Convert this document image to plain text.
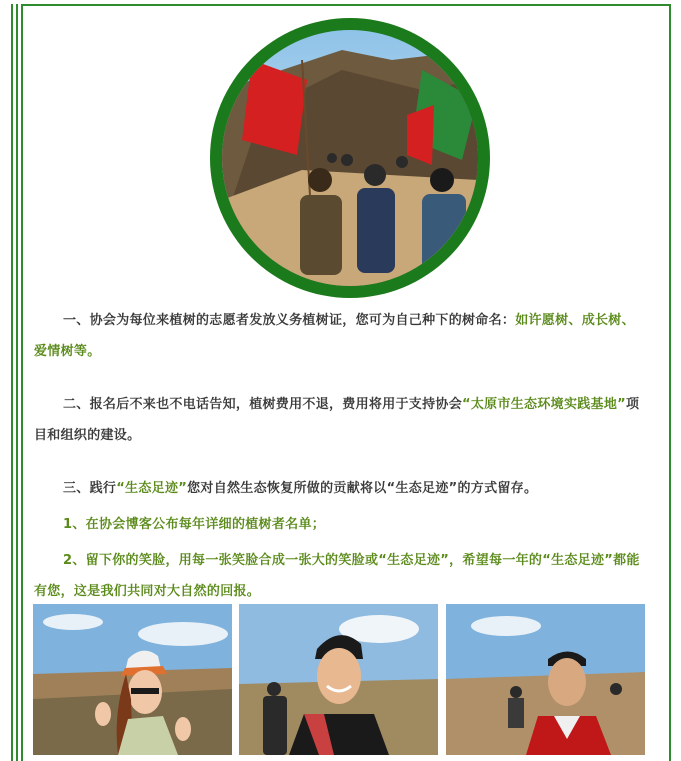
一、协会为每位来植树的志愿者发放义务植树证，您可为自己种下的树命名：如许愿树、成长树、爱情树等。

二、报名后不来也不电话告知，植树费用不退，费用将用于支持协会“太原市生态环境实践基地”项目和组织的建设。

三、践行“生态足迹”您对自然生态恢复所做的贡献将以“生态足迹”的方式留存。

1、在协会博客公布每年详细的植树者名单；

2、留下你的笑脸，用每一张笑脸合成一张大的笑脸或“生态足迹”，希望每一年的“生态足迹”都能有您，这是我们共同对大自然的回报。
